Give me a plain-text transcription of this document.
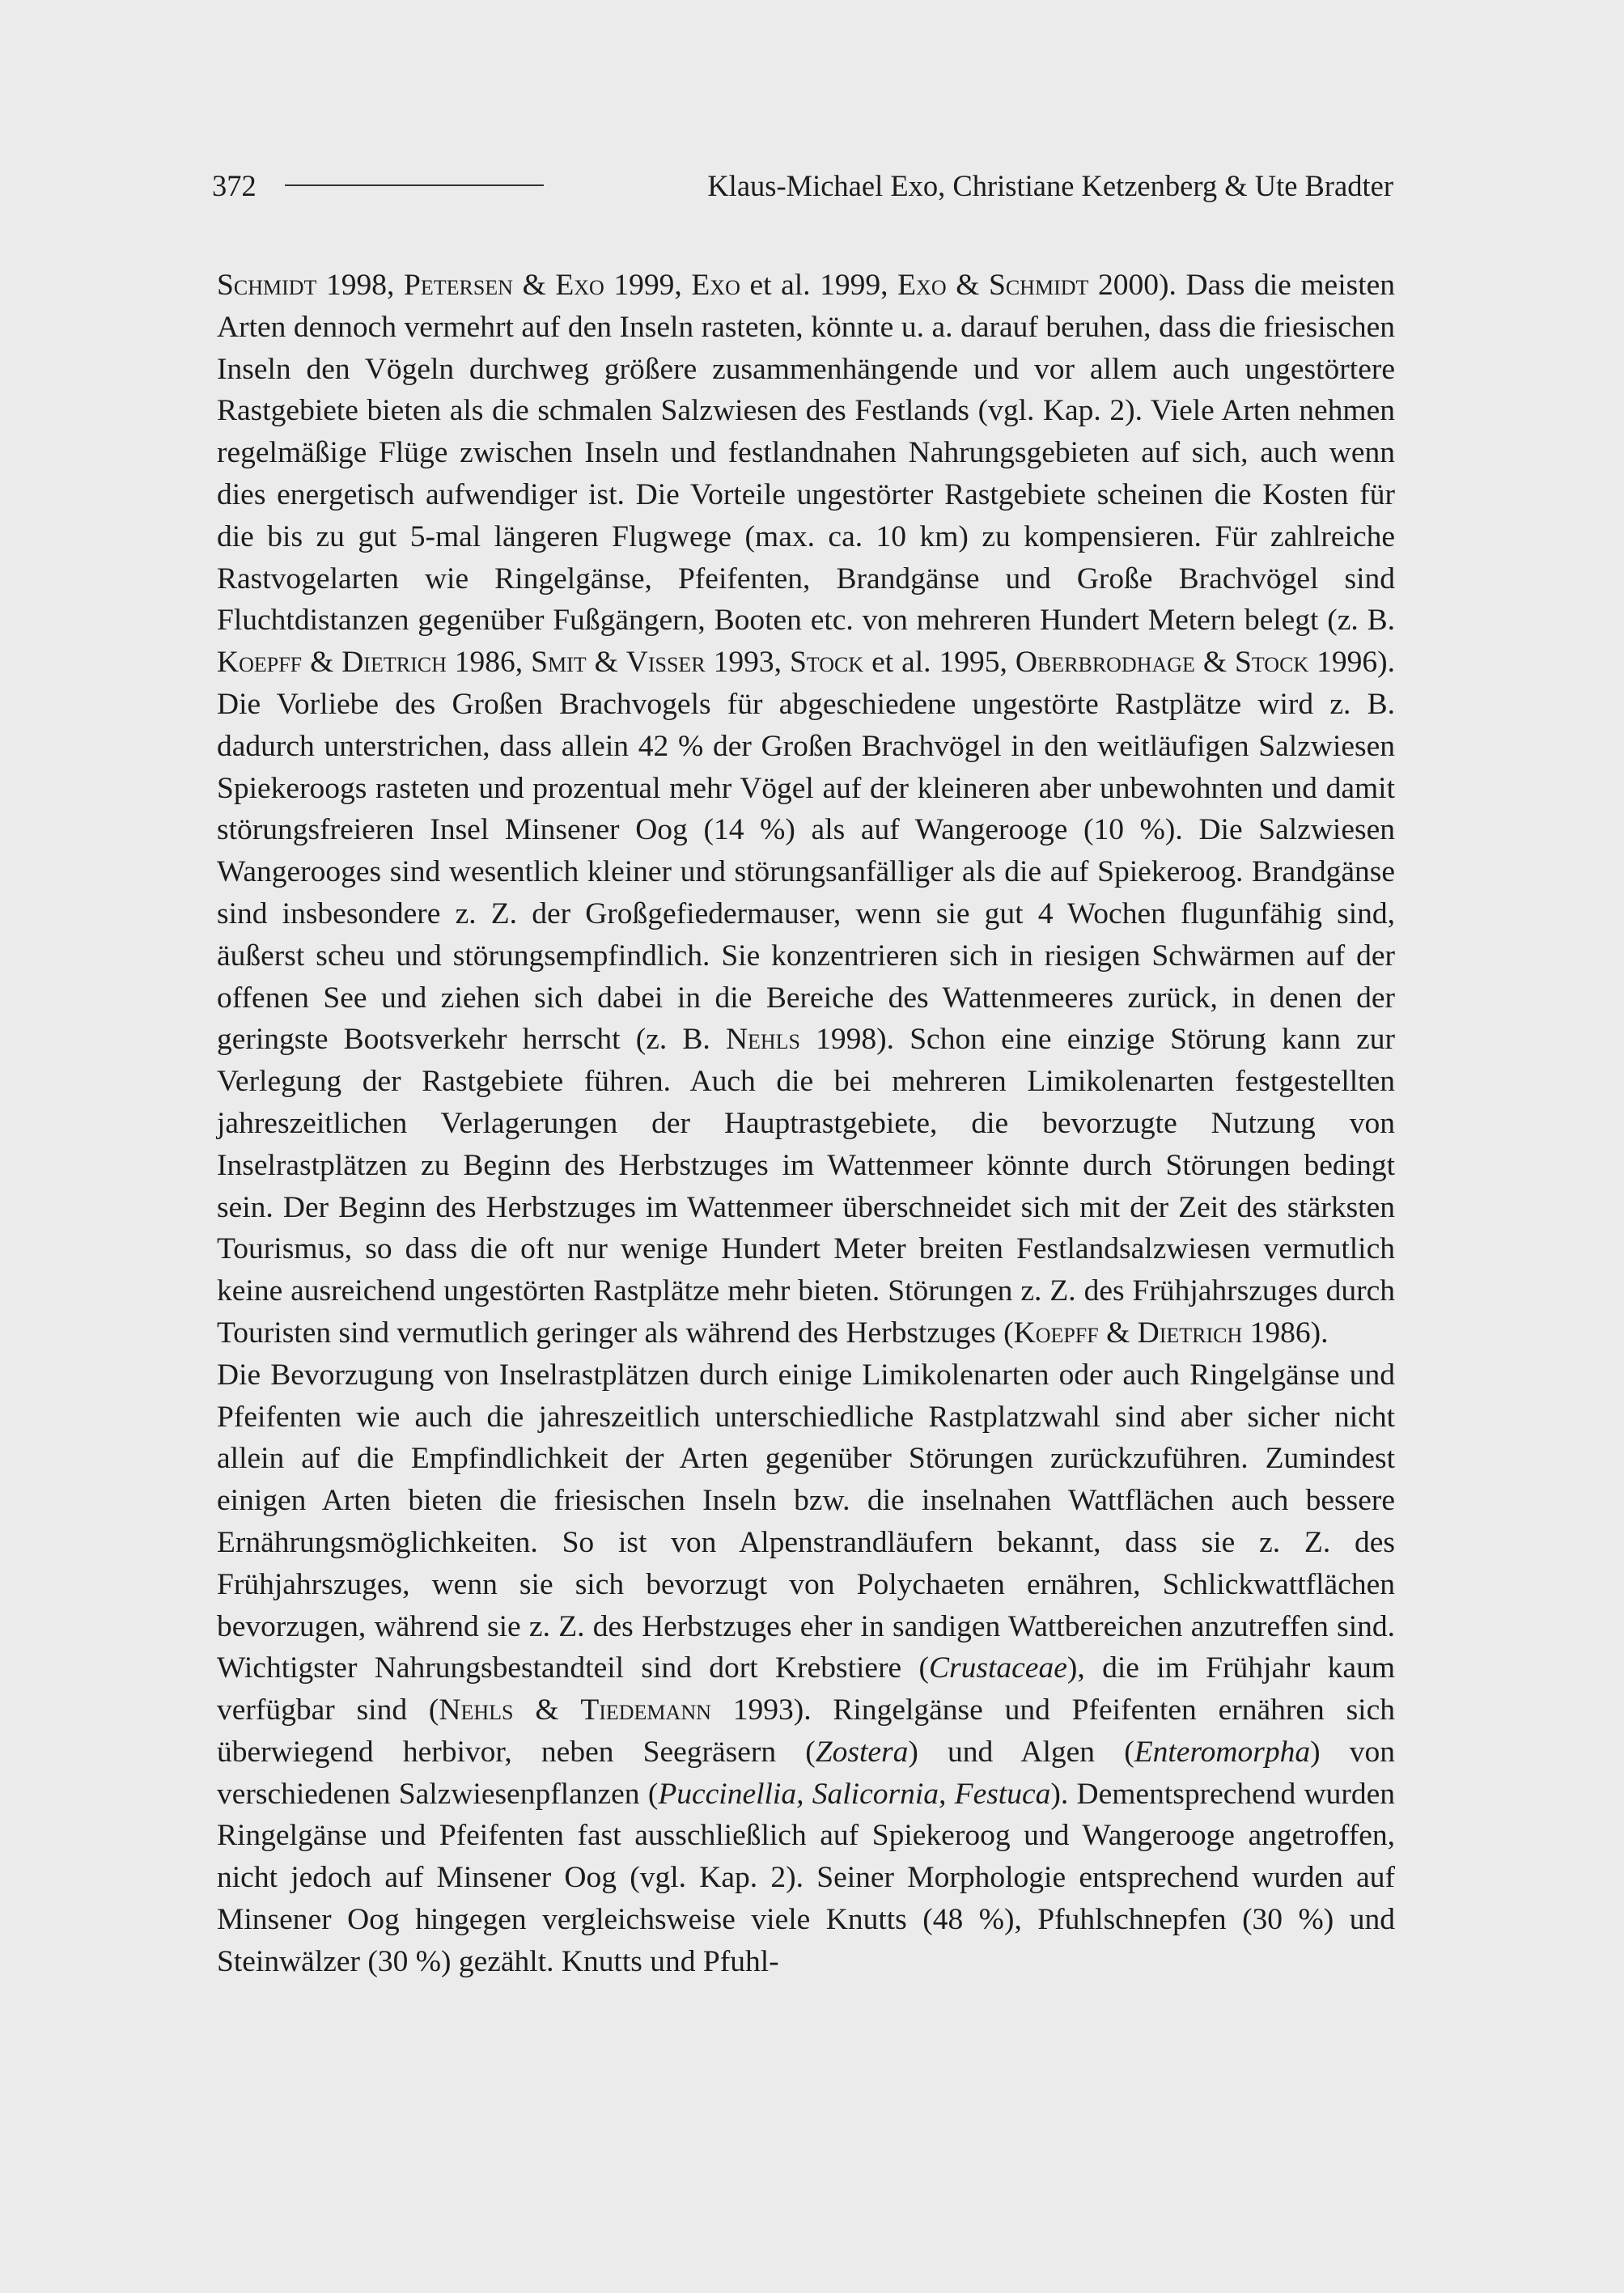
372	Klaus-Michael Exo, Christiane Ketzenberg & Ute Bradter

Schmidt 1998, Petersen & Exo 1999, Exo et al. 1999, Exo & Schmidt 2000). Dass die meisten Arten dennoch vermehrt auf den Inseln rasteten, könnte u. a. darauf beruhen, dass die friesischen Inseln den Vögeln durchweg größere zusammenhängende und vor allem auch ungestörtere Rastgebiete bieten als die schmalen Salzwiesen des Festlands (vgl. Kap. 2). Viele Arten nehmen regelmäßige Flüge zwischen Inseln und festlandnahen Nahrungsgebieten auf sich, auch wenn dies energetisch aufwendiger ist. Die Vorteile ungestörter Rastgebiete scheinen die Kosten für die bis zu gut 5-mal längeren Flugwege (max. ca. 10 km) zu kompensieren. Für zahlreiche Rastvogelarten wie Ringelgänse, Pfeifenten, Brandgänse und Große Brachvögel sind Fluchtdistanzen gegenüber Fußgängern, Booten etc. von mehreren Hundert Metern belegt (z. B. Koepff & Dietrich 1986, Smit & Visser 1993, Stock et al. 1995, Oberbrodhage & Stock 1996). Die Vorliebe des Großen Brachvogels für abgeschiedene ungestörte Rastplätze wird z. B. dadurch unterstrichen, dass allein 42 % der Großen Brachvögel in den weitläufigen Salzwiesen Spiekeroogs rasteten und prozentual mehr Vögel auf der kleineren aber unbewohnten und damit störungsfreieren Insel Minsener Oog (14 %) als auf Wangerooge (10 %). Die Salzwiesen Wangerooges sind wesentlich kleiner und störungsanfälliger als die auf Spiekeroog. Brandgänse sind insbesondere z. Z. der Großgefiedermauser, wenn sie gut 4 Wochen flugunfähig sind, äußerst scheu und störungsempfindlich. Sie konzentrieren sich in riesigen Schwärmen auf der offenen See und ziehen sich dabei in die Bereiche des Wattenmeeres zurück, in denen der geringste Bootsverkehr herrscht (z. B. Nehls 1998). Schon eine einzige Störung kann zur Verlegung der Rastgebiete führen. Auch die bei mehreren Limikolenarten festgestellten jahreszeitlichen Verlagerungen der Hauptrastgebiete, die bevorzugte Nutzung von Inselrastplätzen zu Beginn des Herbstzuges im Wattenmeer könnte durch Störungen bedingt sein. Der Beginn des Herbstzuges im Wattenmeer überschneidet sich mit der Zeit des stärksten Tourismus, so dass die oft nur wenige Hundert Meter breiten Festlandsalzwiesen vermutlich keine ausreichend ungestörten Rastplätze mehr bieten. Störungen z. Z. des Frühjahrszuges durch Touristen sind vermutlich geringer als während des Herbstzuges (Koepff & Dietrich 1986).

Die Bevorzugung von Inselrastplätzen durch einige Limikolenarten oder auch Ringelgänse und Pfeifenten wie auch die jahreszeitlich unterschiedliche Rastplatzwahl sind aber sicher nicht allein auf die Empfindlichkeit der Arten gegenüber Störungen zurückzuführen. Zumindest einigen Arten bieten die friesischen Inseln bzw. die inselnahen Wattflächen auch bessere Ernährungsmöglichkeiten. So ist von Alpenstrandläufern bekannt, dass sie z. Z. des Frühjahrszuges, wenn sie sich bevorzugt von Polychaeten ernähren, Schlickwattflächen bevorzugen, während sie z. Z. des Herbstzuges eher in sandigen Wattbereichen anzutreffen sind. Wichtigster Nahrungsbestandteil sind dort Krebstiere (Crustaceae), die im Frühjahr kaum verfügbar sind (Nehls & Tiedemann 1993). Ringelgänse und Pfeifenten ernähren sich überwiegend herbivor, neben Seegräsern (Zostera) und Algen (Enteromorpha) von verschiedenen Salzwiesenpflanzen (Puccinellia, Salicornia, Festuca). Dementsprechend wurden Ringelgänse und Pfeifenten fast ausschließlich auf Spiekeroog und Wangerooge angetroffen, nicht jedoch auf Minsener Oog (vgl. Kap. 2). Seiner Morphologie entsprechend wurden auf Minsener Oog hingegen vergleichsweise viele Knutts (48 %), Pfuhlschnepfen (30 %) und Steinwälzer (30 %) gezählt. Knutts und Pfuhl-
